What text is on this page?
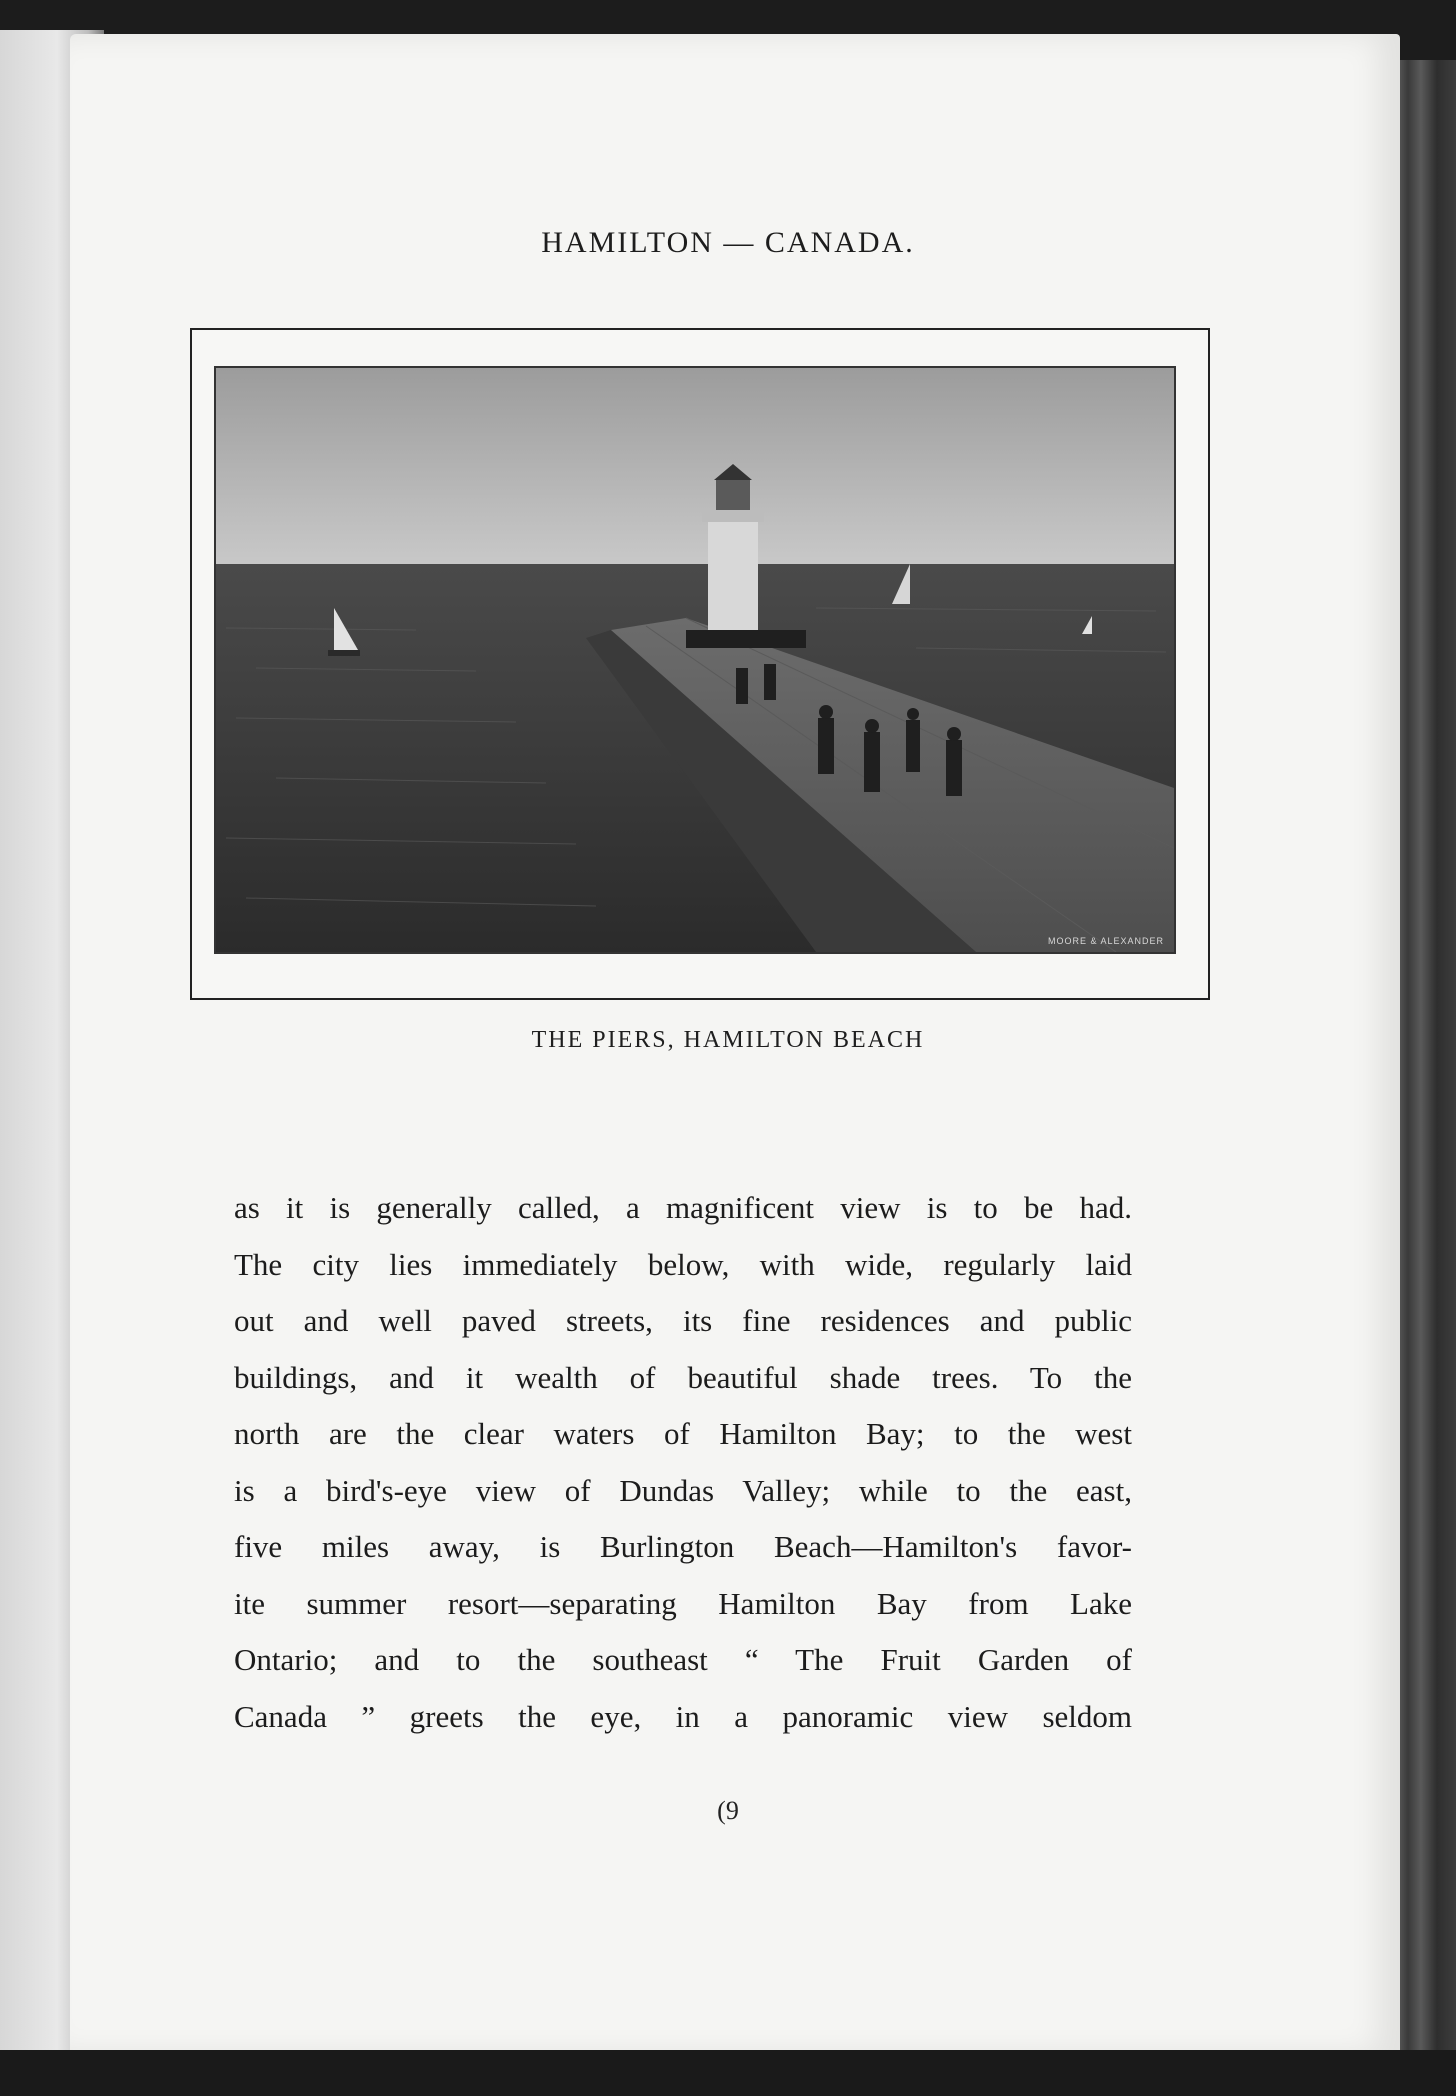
HAMILTON — CANADA.
MOORE & ALEXANDER
THE PIERS, HAMILTON BEACH
as it is generally called, a magnificent view is to be had.
The city lies immediately below, with wide, regularly laid
out and well paved streets, its fine residences and public
buildings, and it wealth of beautiful shade trees. To the
north are the clear waters of Hamilton Bay; to the west
is a bird's-eye view of Dundas Valley; while to the east,
five miles away, is Burlington Beach—Hamilton's favor-
ite summer resort—separating Hamilton Bay from Lake
Ontario; and to the southeast “ The Fruit Garden of
Canada ” greets the eye, in a panoramic view seldom
(9
